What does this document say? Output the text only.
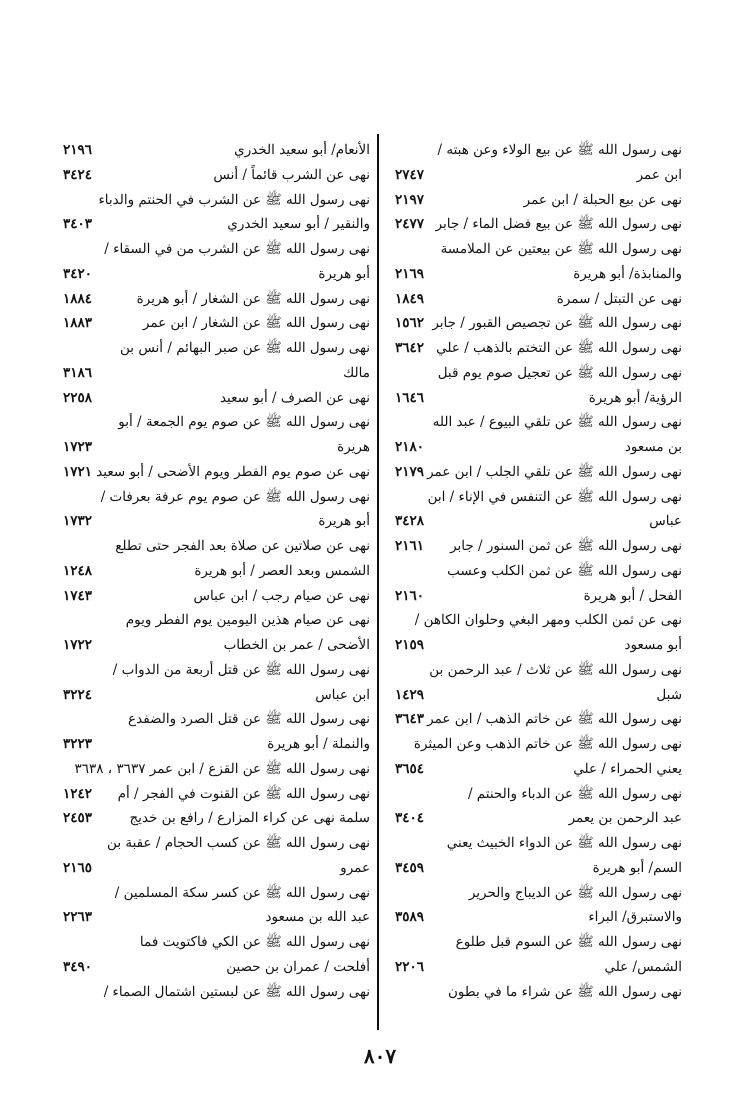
نهى رسول الله ﷺ عن بيع الولاء وعن هبته /
ابن عمر
٢٧٤٧
نهى عن بيع الحبلة / ابن عمر
٢١٩٧
نهى رسول الله ﷺ عن بيع فضل الماء / جابر
٢٤٧٧
نهى رسول الله ﷺ عن بيعتين عن الملامسة
والمنابذة/ أبو هريرة
٢١٦٩
نهى عن التبتل / سمرة
١٨٤٩
نهى رسول الله ﷺ عن تجصيص القبور / جابر
١٥٦٢
نهى رسول الله ﷺ عن التختم بالذهب / علي
٣٦٤٢
نهى رسول الله ﷺ عن تعجيل صوم يوم قبل
الرؤية/ أبو هريرة
١٦٤٦
نهى رسول الله ﷺ عن تلقي البيوع / عبد الله
بن مسعود
٢١٨٠
نهى رسول الله ﷺ عن تلقي الجلب / ابن عمر
٢١٧٩
نهى رسول الله ﷺ عن التنفس في الإناء / ابن
عباس
٣٤٢٨
نهى رسول الله ﷺ عن ثمن السنور / جابر
٢١٦١
نهى رسول الله ﷺ عن ثمن الكلب وعسب
الفحل / أبو هريرة
٢١٦٠
نهى عن ثمن الكلب ومهر البغي وحلوان الكاهن /
أبو مسعود
٢١٥٩
نهى رسول الله ﷺ عن ثلاث / عبد الرحمن بن
شبل
١٤٢٩
نهى رسول الله ﷺ عن خاتم الذهب / ابن عمر
٣٦٤٣
نهى رسول الله ﷺ عن خاتم الذهب وعن الميثرة
يعني الحمراء / علي
٣٦٥٤
نهى رسول الله ﷺ عن الدباء والحنتم /
عبد الرحمن بن يعمر
٣٤٠٤
نهى رسول الله ﷺ عن الدواء الخبيث يعني
السم/ أبو هريرة
٣٤٥٩
نهى رسول الله ﷺ عن الديباج والحرير
والاستبرق/ البراء
٣٥٨٩
نهى رسول الله ﷺ عن السوم قبل طلوع
الشمس/ علي
٢٢٠٦
نهى رسول الله ﷺ عن شراء ما في بطون
الأنعام/ أبو سعيد الخدري
٢١٩٦
نهى عن الشرب قائماً / أنس
٣٤٢٤
نهى رسول الله ﷺ عن الشرب في الحنتم والدباء
والنقير / أبو سعيد الخدري
٣٤٠٣
نهى رسول الله ﷺ عن الشرب من في السقاء /
أبو هريرة
٣٤٢٠
نهى رسول الله ﷺ عن الشغار / أبو هريرة
١٨٨٤
نهى رسول الله ﷺ عن الشغار / ابن عمر
١٨٨٣
نهى رسول الله ﷺ عن صبر البهائم / أنس بن
مالك
٣١٨٦
نهى عن الصرف / أبو سعيد
٢٢٥٨
نهى رسول الله ﷺ عن صوم يوم الجمعة / أبو
هريرة
١٧٢٣
نهى عن صوم يوم الفطر ويوم الأضحى / أبو سعيد
١٧٢١
نهى رسول الله ﷺ عن صوم يوم عرفة بعرفات /
أبو هريرة
١٧٣٢
نهى عن صلاتين عن صلاة بعد الفجر حتى تطلع
الشمس وبعد العصر / أبو هريرة
١٢٤٨
نهى عن صيام رجب / ابن عباس
١٧٤٣
نهى عن صيام هذين اليومين يوم الفطر ويوم
الأضحى / عمر بن الخطاب
١٧٢٢
نهى رسول الله ﷺ عن قتل أربعة من الدواب /
ابن عباس
٣٢٢٤
نهى رسول الله ﷺ عن قتل الصرد والضفدع
والنملة / أبو هريرة
٣٢٢٣
نهى رسول الله ﷺ عن القزع / ابن عمر ٣٦٣٧ ، ٣٦٣٨
نهى رسول الله ﷺ عن القنوت في الفجر / أم
١٢٤٢
سلمة نهى عن كراء المزارع / رافع بن خديج
٢٤٥٣
نهى رسول الله ﷺ عن كسب الحجام / عقبة بن
عمرو
٢١٦٥
نهى رسول الله ﷺ عن كسر سكة المسلمين /
عبد الله بن مسعود
٢٢٦٣
نهى رسول الله ﷺ عن الكي فاكتويت فما
أفلحت / عمران بن حصين
٣٤٩٠
نهى رسول الله ﷺ عن لبستين اشتمال الصماء /
٨٠٧
